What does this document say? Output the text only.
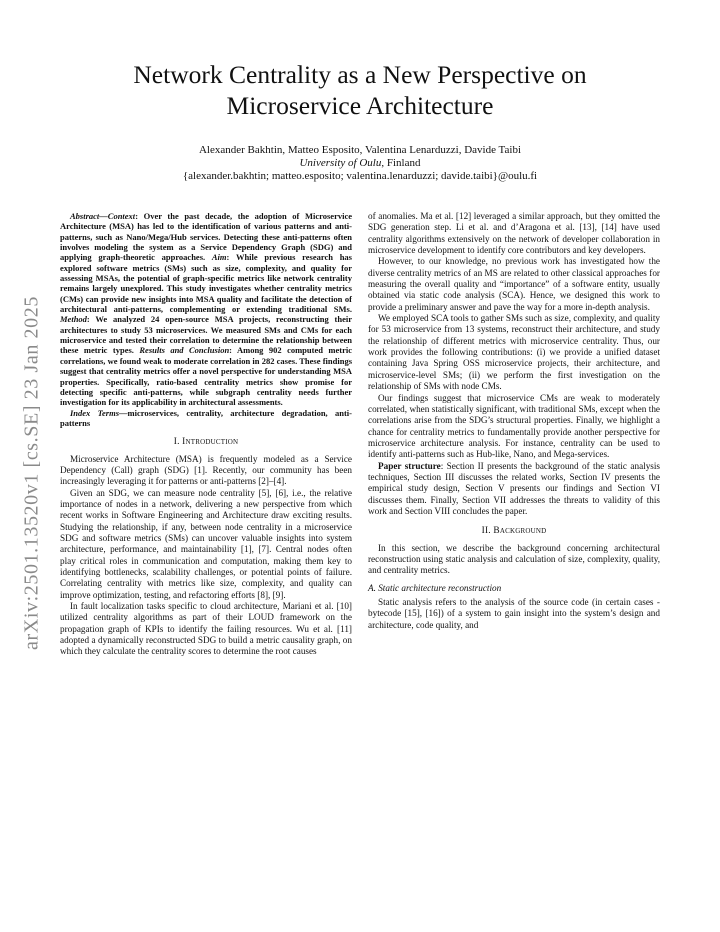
arXiv:2501.13520v1 [cs.SE] 23 Jan 2025
Network Centrality as a New Perspective on
Microservice Architecture
Alexander Bakhtin, Matteo Esposito, Valentina Lenarduzzi, Davide Taibi
University of Oulu, Finland
{alexander.bakhtin; matteo.esposito; valentina.lenarduzzi; davide.taibi}@oulu.fi

Abstract—Context: Over the past decade, the adoption of Microservice Architecture (MSA) has led to the identification of various patterns and anti-patterns, such as Nano/Mega/Hub services. Detecting these anti-patterns often involves modeling the system as a Service Dependency Graph (SDG) and applying graph-theoretic approaches. Aim: While previous research has explored software metrics (SMs) such as size, complexity, and quality for assessing MSAs, the potential of graph-specific metrics like network centrality remains largely unexplored. This study investigates whether centrality metrics (CMs) can provide new insights into MSA quality and facilitate the detection of architectural anti-patterns, complementing or extending traditional SMs. Method: We analyzed 24 open-source MSA projects, reconstructing their architectures to study 53 microservices. We measured SMs and CMs for each microservice and tested their correlation to determine the relationship between these metric types. Results and Conclusion: Among 902 computed metric correlations, we found weak to moderate correlation in 282 cases. These findings suggest that centrality metrics offer a novel perspective for understanding MSA properties. Specifically, ratio-based centrality metrics show promise for detecting specific anti-patterns, while subgraph centrality needs further investigation for its applicability in architectural assessments.

Index Terms—microservices, centrality, architecture degradation, anti-patterns

I. Introduction

Microservice Architecture (MSA) is frequently modeled as a Service Dependency (Call) graph (SDG) [1]. Recently, our community has been increasingly leveraging it for patterns or anti-patterns [2]–[4].

Given an SDG, we can measure node centrality [5], [6], i.e., the relative importance of nodes in a network, delivering a new perspective from which recent works in Software Engineering and Architecture draw exciting results. Studying the relationship, if any, between node centrality in a microservice SDG and software metrics (SMs) can uncover valuable insights into system architecture, performance, and maintainability [1], [7]. Central nodes often play critical roles in communication and computation, making them key to identifying bottlenecks, scalability challenges, or potential points of failure. Correlating centrality with metrics like size, complexity, and quality can improve optimization, testing, and refactoring efforts [8], [9].

In fault localization tasks specific to cloud architecture, Mariani et al. [10] utilized centrality algorithms as part of their LOUD framework on the propagation graph of KPIs to identify the failing resources. Wu et al. [11] adopted a dynamically reconstructed SDG to build a metric causality graph, on which they calculate the centrality scores to determine the root causes

of anomalies. Ma et al. [12] leveraged a similar approach, but they omitted the SDG generation step. Li et al. and d’Aragona et al. [13], [14] have used centrality algorithms extensively on the network of developer collaboration in microservice development to identify core contributors and key developers.

However, to our knowledge, no previous work has investigated how the diverse centrality metrics of an MS are related to other classical approaches for measuring the overall quality and “importance” of a software entity, usually obtained via static code analysis (SCA). Hence, we designed this work to provide a preliminary answer and pave the way for a more in-depth analysis.

We employed SCA tools to gather SMs such as size, complexity, and quality for 53 microservice from 13 systems, reconstruct their architecture, and study the relationship of different metrics with microservice centrality. Thus, our work provides the following contributions: (i) we provide a unified dataset containing Java Spring OSS microservice projects, their architecture, and microservice-level SMs; (ii) we perform the first investigation on the relationship of SMs with node CMs.

Our findings suggest that microservice CMs are weak to moderately correlated, when statistically significant, with traditional SMs, except when the correlations arise from the SDG’s structural properties. Finally, we highlight a chance for centrality metrics to fundamentally provide another perspective for microservice architecture analysis. For instance, centrality can be used to identify anti-patterns such as Hub-like, Nano, and Mega-services.

Paper structure: Section II presents the background of the static analysis techniques, Section III discusses the related works, Section IV presents the empirical study design, Section V presents our findings and Section VI discusses them. Finally, Section VII addresses the threats to validity of this work and Section VIII concludes the paper.

II. Background

In this section, we describe the background concerning architectural reconstruction using static analysis and calculation of size, complexity, quality, and centrality metrics.

A. Static architecture reconstruction

Static analysis refers to the analysis of the source code (in certain cases - bytecode [15], [16]) of a system to gain insight into the system’s design and architecture, code quality, and
